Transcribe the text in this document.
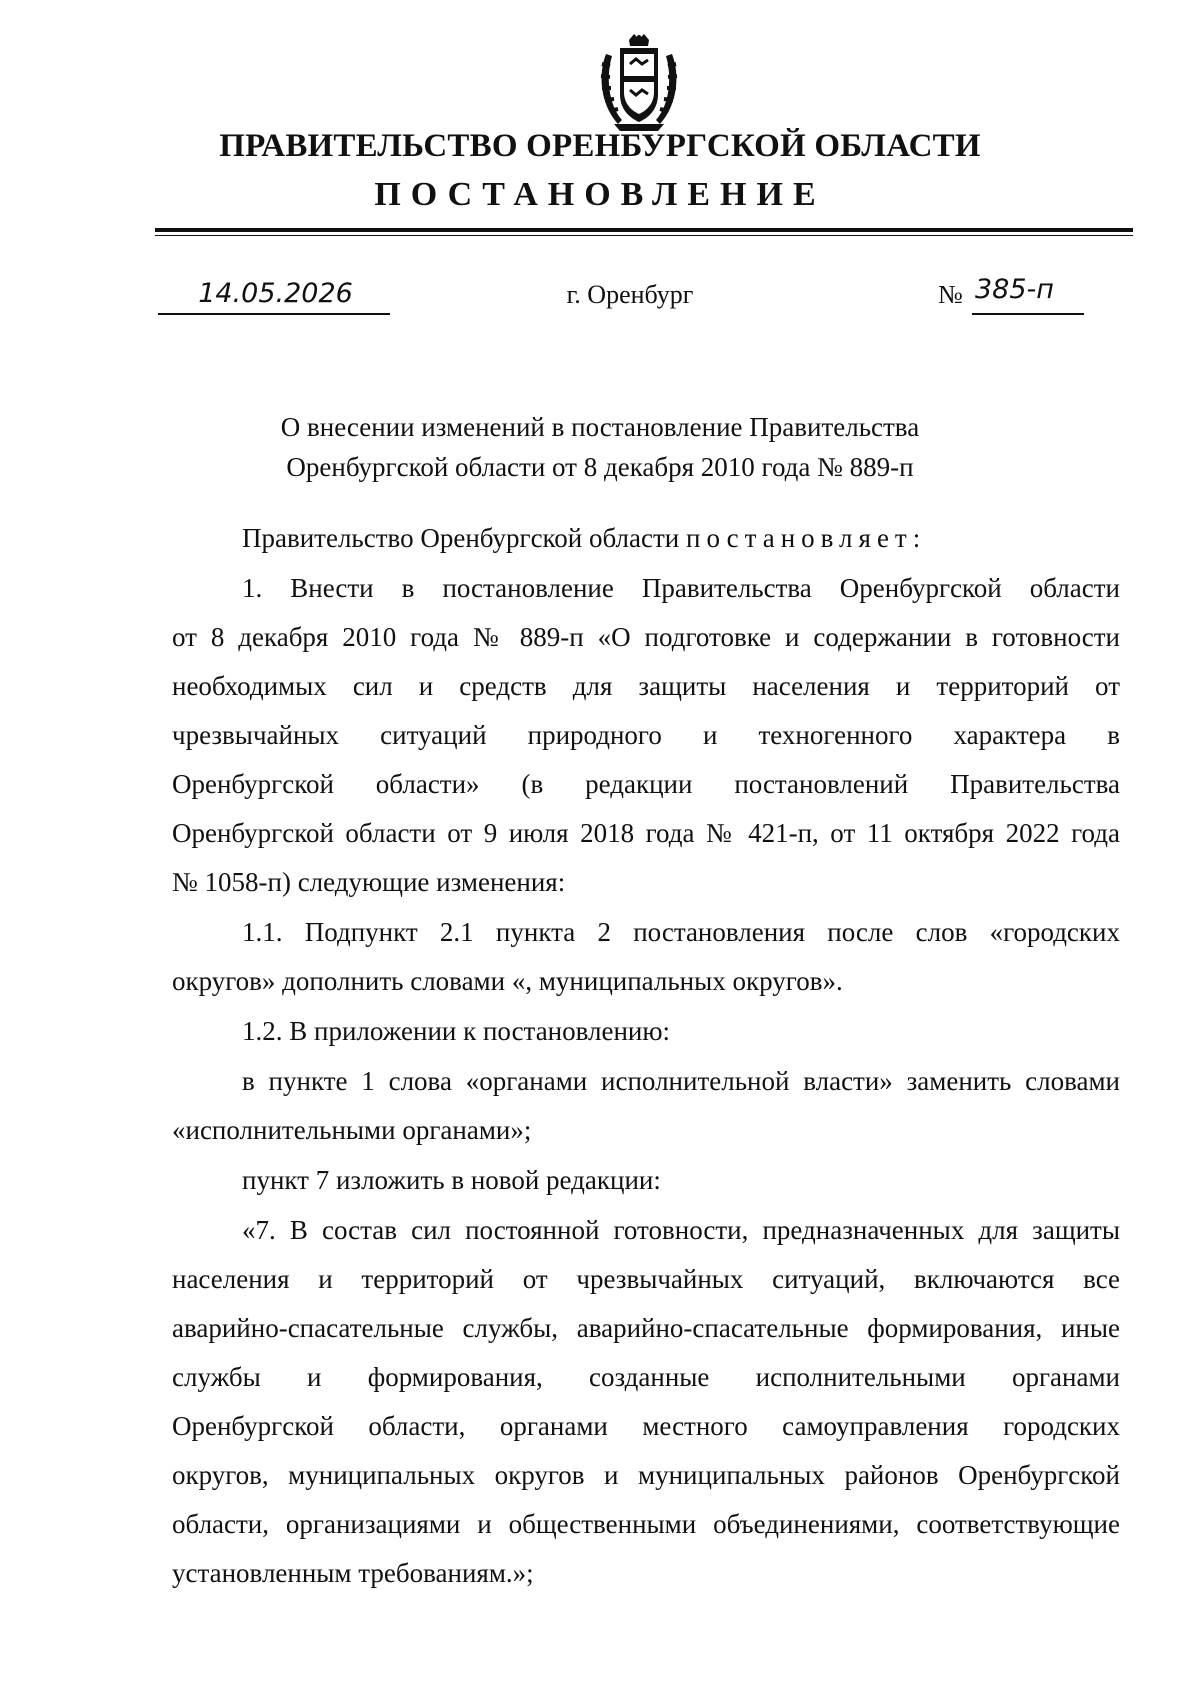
ПРАВИТЕЛЬСТВО ОРЕНБУРГСКОЙ ОБЛАСТИ
ПОСТАНОВЛЕНИЕ
14.05.2026	г. Оренбург	№ 385-п
О внесении изменений в постановление Правительства
Оренбургской области от 8 декабря 2010 года № 889-п

Правительство Оренбургской области постановляет:

1. Внести в постановление Правительства Оренбургской области

от 8 декабря 2010 года № 889-п «О подготовке и содержании в готовности

необходимых сил и средств для защиты населения и территорий от

чрезвычайных ситуаций природного и техногенного характера в

Оренбургской области» (в редакции постановлений Правительства

Оренбургской области от 9 июля 2018 года № 421-п, от 11 октября 2022 года

№ 1058-п) следующие изменения:

1.1. Подпункт 2.1 пункта 2 постановления после слов «городских

округов» дополнить словами «, муниципальных округов».

1.2. В приложении к постановлению:

в пункте 1 слова «органами исполнительной власти» заменить словами

«исполнительными органами»;

пункт 7 изложить в новой редакции:

«7. В состав сил постоянной готовности, предназначенных для защиты

населения и территорий от чрезвычайных ситуаций, включаются все

аварийно-спасательные службы, аварийно-спасательные формирования, иные

службы и формирования, созданные исполнительными органами

Оренбургской области, органами местного самоуправления городских

округов, муниципальных округов и муниципальных районов Оренбургской

области, организациями и общественными объединениями, соответствующие

установленным требованиям.»;
